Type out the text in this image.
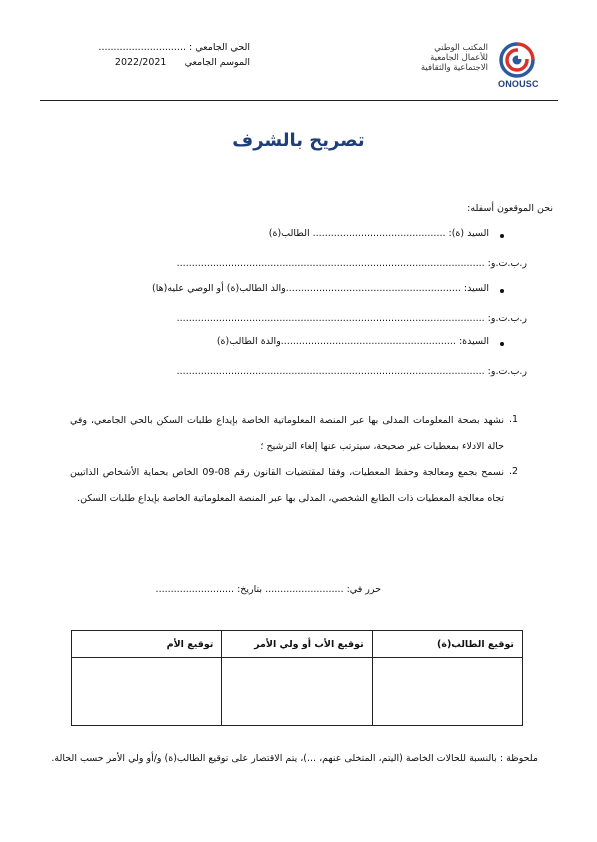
المكتب الوطني
للأعمال الجامعية
الاجتماعية والثقافية
ONOUSC
الحي الجامعي : .............................
الموسم الجامعي      2022/2021
تصريح بالشرف
نحن الموقعون أسفله:
السيد (ة): ............................................ الطالب(ة)
ر.ب.ت.و: ......................................................................................................
السيد: ..........................................................والد الطالب(ة) أو الوصي عليه(ها)
ر.ب.ت.و: ......................................................................................................
السيدة: ..........................................................والدة الطالب(ة)
ر.ب.ت.و: ......................................................................................................
.1
نشهد بصحة المعلومات المدلى بها عبر المنصة المعلوماتية الخاصة بإيداع طلبات السكن بالحي الجامعي، وفي حالة الادلاء بمعطيات غير صحيحة، سيترتب عنها إلغاء الترشيح ؛
.2
نسمح بجمع ومعالجة وحفظ المعطيات، وفقا لمقتضيات القانون رقم 08-09 الخاص بحماية الأشخاص الذاتيين تجاه معالجة المعطيات ذات الطابع الشخصي، المدلى بها عبر المنصة المعلوماتية الخاصة بإيداع طلبات السكن.
حرر في: .......................... بتاريخ: ..........................
توقيع الطالب(ة)	توقيع الأب أو ولي الأمر	توقيع الأم

ملحوظة : بالنسبة للحالات الخاصة (اليتم، المتخلى عنهم، ...)، يتم الاقتصار على توقيع الطالب(ة) و/أو ولي الأمر حسب الحالة.
